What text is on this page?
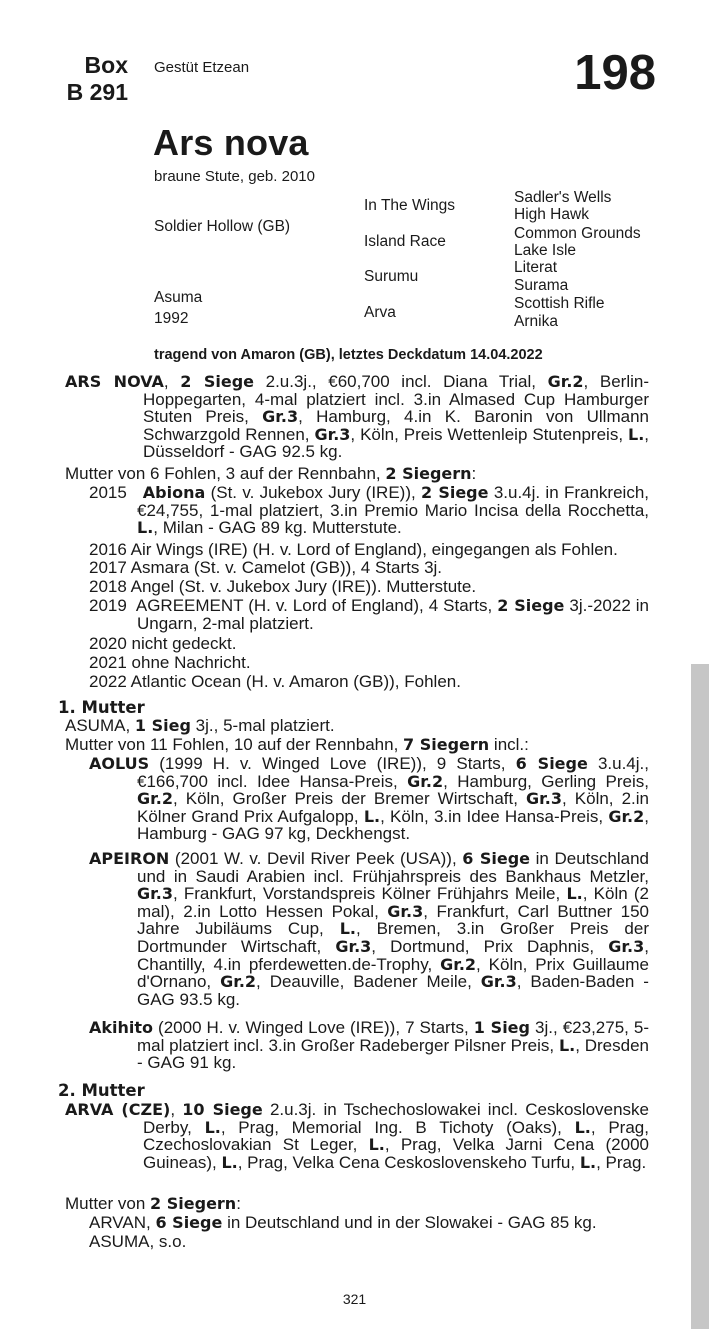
Box
B 291
Gestüt Etzean	198
Ars nova
braune Stute, geb. 2010
Soldier Hollow (GB)
Asuma
1992
In The Wings
Island Race
Surumu
Arva
Sadler's Wells
High Hawk
Common Grounds
Lake Isle
Literat
Surama
Scottish Rifle
Arnika
tragend von Amaron (GB), letztes Deckdatum 14.04.2022
ARS NOVA, 2 Siege 2.u.3j., €60,700 incl. Diana Trial, Gr.2, Berlin-Hoppegarten, 4-mal platziert incl. 3.in Almased Cup Hamburger Stuten Preis, Gr.3, Hamburg, 4.in K. Baronin von Ullmann Schwarzgold Rennen, Gr.3, Köln, Preis Wettenleip Stutenpreis, L., Düsseldorf - GAG 92.5 kg.
Mutter von 6 Fohlen, 3 auf der Rennbahn, 2 Siegern:
2015 Abiona (St. v. Jukebox Jury (IRE)), 2 Siege 3.u.4j. in Frankreich, €24,755, 1-mal platziert, 3.in Premio Mario Incisa della Rocchetta, L., Milan - GAG 89 kg. Mutterstute.
2016 Air Wings (IRE) (H. v. Lord of England), eingegangen als Fohlen.
2017 Asmara (St. v. Camelot (GB)), 4 Starts 3j.
2018 Angel (St. v. Jukebox Jury (IRE)). Mutterstute.
2019 AGREEMENT (H. v. Lord of England), 4 Starts, 2 Siege 3j.-2022 in Ungarn, 2-mal platziert.
2020 nicht gedeckt.
2021 ohne Nachricht.
2022 Atlantic Ocean (H. v. Amaron (GB)), Fohlen.
1. Mutter
ASUMA, 1 Sieg 3j., 5-mal platziert.
Mutter von 11 Fohlen, 10 auf der Rennbahn, 7 Siegern incl.:
AOLUS (1999 H. v. Winged Love (IRE)), 9 Starts, 6 Siege 3.u.4j., €166,700 incl. Idee Hansa-Preis, Gr.2, Hamburg, Gerling Preis, Gr.2, Köln, Großer Preis der Bremer Wirtschaft, Gr.3, Köln, 2.in Kölner Grand Prix Aufgalopp, L., Köln, 3.in Idee Hansa-Preis, Gr.2, Hamburg - GAG 97 kg, Deckhengst.
APEIRON (2001 W. v. Devil River Peek (USA)), 6 Siege in Deutschland und in Saudi Arabien incl. Frühjahrspreis des Bankhaus Metzler, Gr.3, Frankfurt, Vorstandspreis Kölner Frühjahrs Meile, L., Köln (2 mal), 2.in Lotto Hessen Pokal, Gr.3, Frankfurt, Carl Buttner 150 Jahre Jubiläums Cup, L., Bremen, 3.in Großer Preis der Dortmunder Wirtschaft, Gr.3, Dortmund, Prix Daphnis, Gr.3, Chantilly, 4.in pferdewetten.de-Trophy, Gr.2, Köln, Prix Guillaume d'Ornano, Gr.2, Deauville, Badener Meile, Gr.3, Baden-Baden - GAG 93.5 kg.
Akihito (2000 H. v. Winged Love (IRE)), 7 Starts, 1 Sieg 3j., €23,275, 5-mal platziert incl. 3.in Großer Radeberger Pilsner Preis, L., Dresden - GAG 91 kg.
2. Mutter
ARVA (CZE), 10 Siege 2.u.3j. in Tschechoslowakei incl. Ceskoslovenske Derby, L., Prag, Memorial Ing. B Tichoty (Oaks), L., Prag, Czechoslovakian St Leger, L., Prag, Velka Jarni Cena (2000 Guineas), L., Prag, Velka Cena Ceskoslovenskeho Turfu, L., Prag.
Mutter von 2 Siegern:
ARVAN, 6 Siege in Deutschland und in der Slowakei - GAG 85 kg.
ASUMA, s.o.
321
